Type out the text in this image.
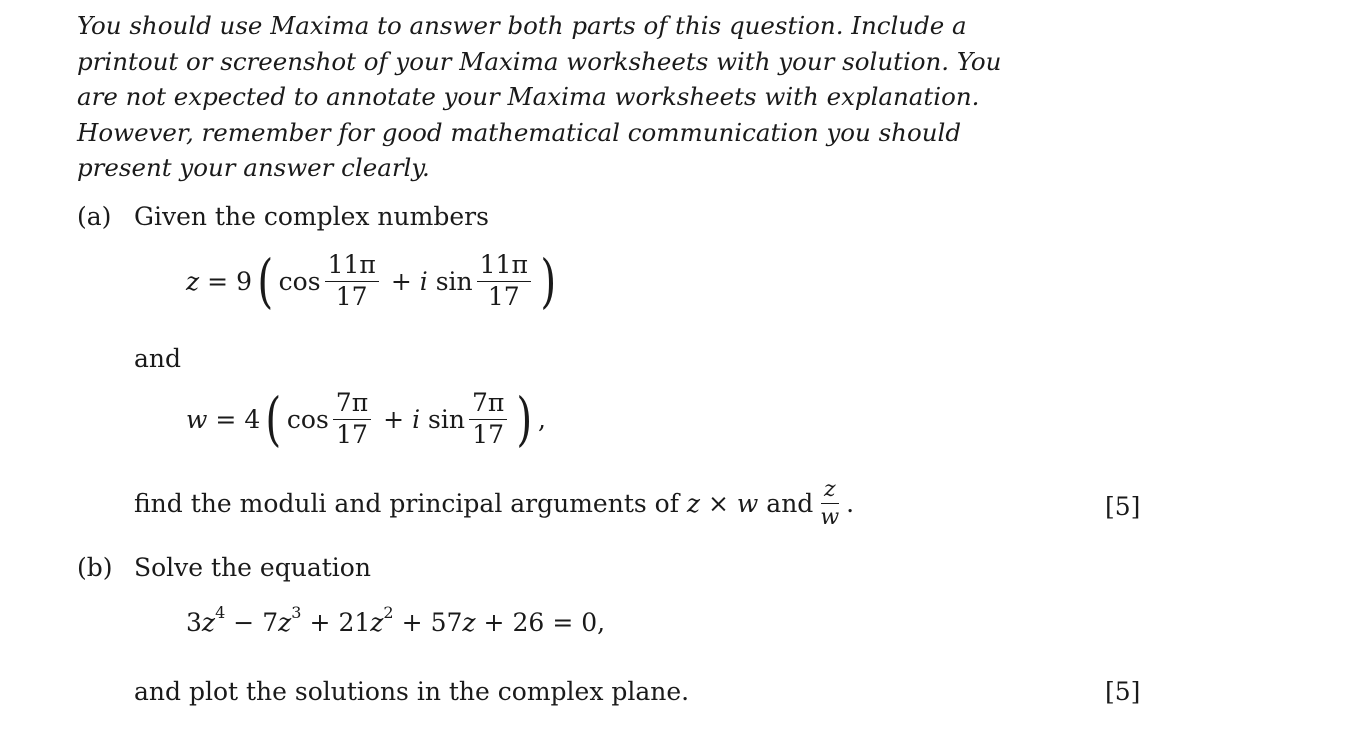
You should use Maxima to answer both parts of this question. Include a printout or screenshot of your Maxima worksheets with your solution. You are not expected to annotate your Maxima worksheets with explanation. However, remember for good mathematical communication you should present your answer clearly.

(a) Given the complex numbers
z = 9 ( $\cos \frac{11\pi}{17} + i$
$\sin \frac{11\pi}{17}$ )
and
w = 4 ( $\cos \frac{7\pi}{17} + i$
$\sin \frac{7\pi}{17}$ ) ,
find the moduli and principal arguments of
z × w
and $\frac{z}{w}$ .	[5]
(b) Solve the equation
3 $z^4 - 7$ $z^3 + 21$ $z^2 + 57$ z + 26 = 0 ,
and plot the solutions in the complex plane.	[5]
